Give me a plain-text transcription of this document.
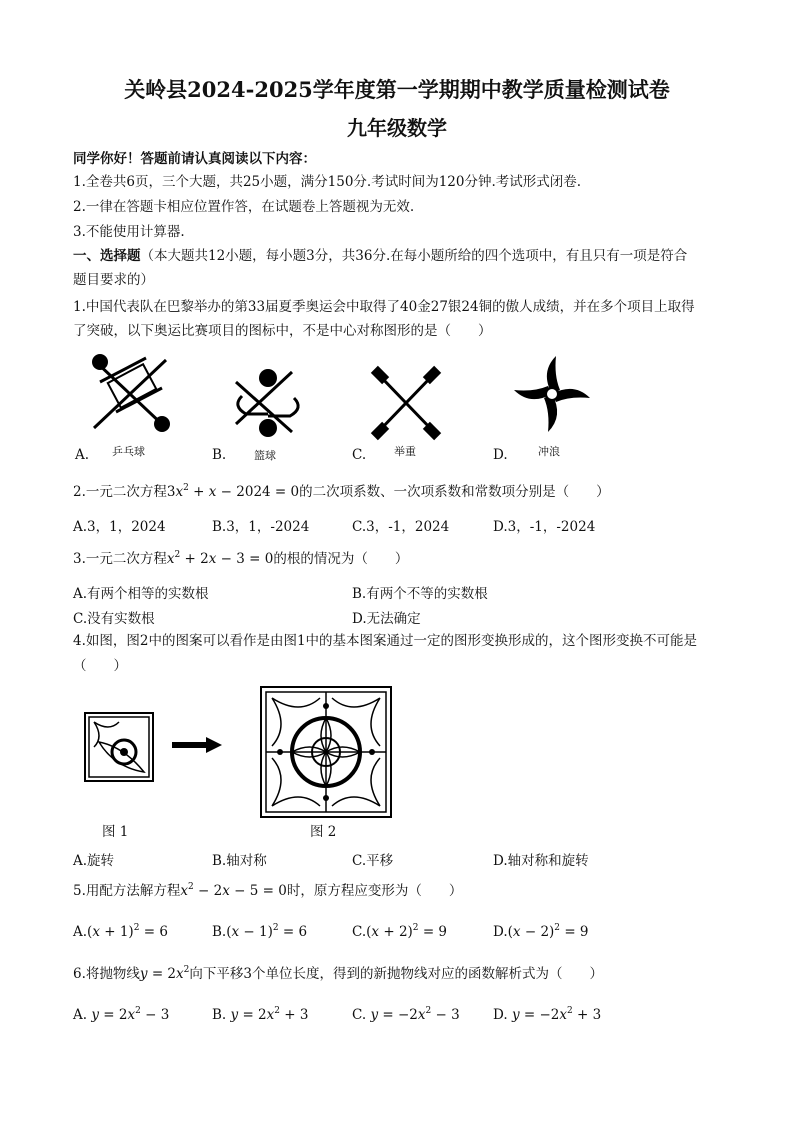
关岭县2024-2025学年度第一学期期中教学质量检测试卷
九年级数学
同学你好！答题前请认真阅读以下内容：
1.全卷共6页，三个大题，共25小题，满分150分.考试时间为120分钟.考试形式闭卷.
2.一律在答题卡相应位置作答，在试题卷上答题视为无效.
3.不能使用计算器.
一、选择题（本大题共12小题，每小题3分，共36分.在每小题所给的四个选项中，有且只有一项是符合
题目要求的）
1.中国代表队在巴黎举办的第33届夏季奥运会中取得了40金27银24铜的傲人成绩，并在多个项目上取得
了突破，以下奥运比赛项目的图标中，不是中心对称图形的是（　　）
A. 乒乓球	B.	篮球	C.	举重	D.	冲浪
2.一元二次方程$3x^2 + x - 2024 = 0$的二次项系数、一次项系数和常数项分别是（　　）
A.3，1，2024	B.3，1，-2024	C.3，-1，2024	D.3，-1，-2024
3.一元二次方程$x^2 + 2x - 3 = 0$的根的情况为（　　）
A.有两个相等的实数根	B.有两个不等的实数根
C.没有实数根	D.无法确定
4.如图，图2中的图案可以看作是由图1中的基本图案通过一定的图形变换形成的，这个图形变换不可能是
（　　）
图 1	图 2
A.旋转	B.轴对称	C.平移	D.轴对称和旋转
5.用配方法解方程$x^2 - 2x - 5 = 0$时，原方程应变形为（　　）
$A.(x + 1)^2 = 6$	$B.(x - 1)^2 = 6$	$C.(x + 2)^2 = 9$	$D.(x - 2)^2 = 9$
6.将抛物线$y = 2x^2$向下平移3个单位长度，得到的新抛物线对应的函数解析式为（　　）
A. $y = 2x^2 - 3$	B. $y = 2x^2 + 3$	C. $y = -2x^2 - 3$ D. $y = -2x^2 + 3$
